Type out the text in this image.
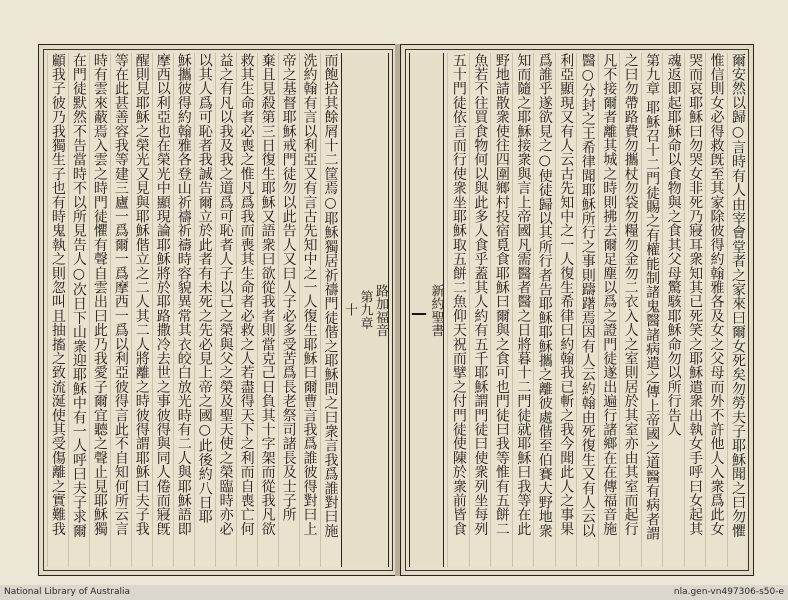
路加福音
第九章
十
而飽拾其餘屑十二筐焉○耶穌獨居祈禱門徒偕之耶穌問之曰衆言我爲誰對曰施
洗約翰有言以利亞又有言古先知中之一人復生耶穌曰爾曹言我爲誰彼得對曰上
帝之基督耶穌戒門徒勿以此告人又曰人子必多受苦爲長老祭司諸長及士子所
棄且見殺第三日復生耶穌又語衆曰欲從我者則當克己日負其十字架而從我凡欲
救其生命者必喪之惟凡爲我而喪其生命者必救之人若盡得天下之利而自喪亡何
益之有凡以我及我之道爲可恥者人子以己之榮與父之榮及聖天使之榮臨時亦必
以其人爲可恥者我誠告爾立於此者有未死之先必見上帝之國○此後約八日耶
穌攜彼得約翰雅各登山祈禱祈禱時容貌異常其衣皎白放光時有二人與耶穌語即
摩西以利亞也在榮光中顯現論耶穌將於耶路撒冷去世之事彼得與同人倦而寢旣
醒則見耶穌之榮光又見與耶穌偕立之二人其二人將離之時彼得謂耶穌曰夫子我
等在此甚善容我等建三廬一爲爾一爲摩西一爲以利亞彼得言此不自知何所云言
時有雲來蔽焉入雲之時門徒懼有聲自雲出曰此乃我愛子爾宜聽之聲止見耶穌獨
在門徒默然不告當時不以所見告人○次日下山衆迎耶穌中有一人呼曰夫子求爾
顧我子彼乃我獨生子也有時鬼執之則忽叫且抽搐之致流涎使其受傷離之實難我	爾安然以歸○言時有人由宰會堂者之家來曰爾女死矣勿勞夫子耶穌聞之曰勿懼
惟信則女必得救旣至其家除彼得約翰雅各及女之父母而外不許他人入衆爲此女
哭而哀耶穌曰勿哭女非死乃寢耳衆知其已死笑之耶穌遣衆出執女手呼曰女起其
魂返即起耶穌命以食物與之食其父母驚駭耶穌命勿以所行告人
第九章 耶穌召十二門徒賜之有權能制諸鬼醫諸病遣之傳上帝國之道醫有病者謂
之曰勿帶路費勿攜杖勿袋勿糧勿金勿二衣入人之室則居於其室亦由其室而起行
凡不接爾者離其城之時則拂去爾足塵以爲之證門徒遂出遍行諸鄉在在傳福音施
醫○分封之王希律聞耶穌所行之事則躊躇焉因有人云約翰由死復生又有人云以
利亞顯現又有人云古先知中之一人復生希律曰約翰我已斬之我今聞此人之事果
爲誰乎遂欲見之○使徒歸以其所行者告耶穌耶穌攜之離彼處偕至伯賽大野地衆
知而隨之耶穌接衆與言上帝國凡需醫者醫之日將暮十二門徒就耶穌曰我等在此
野地請散衆使往四圍鄉村投宿覓食耶穌曰爾與之食可也門徒曰我等惟有五餅二
魚若不往買食物何以與此多人食乎蓋其人約有五千耶穌謂門徒曰使衆列坐每列
五十門徒依言而行使衆坐耶穌取五餅二魚仰天祝而擘之付門徒使陳於衆前皆食
新約聖書
National Library of Australia	nla.gen-vn497306-s50-e
